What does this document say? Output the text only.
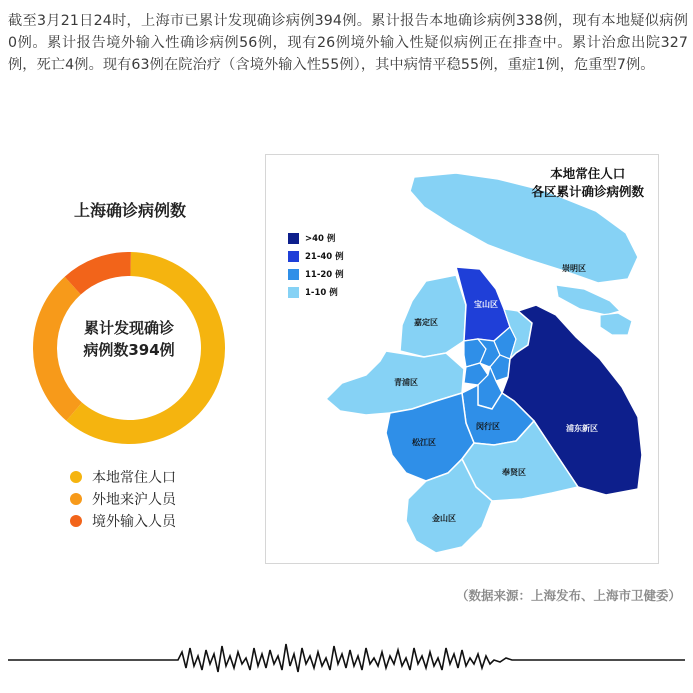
截至3月21日24时，上海市已累计发现确诊病例394例。累计报告本地确诊病例338例，现有本地疑似病例0例。累计报告境外输入性确诊病例56例，现有26例境外输入性疑似病例正在排查中。累计治愈出院327例，死亡4例。现有63例在院治疗（含境外输入性55例），其中病情平稳55例，重症1例，危重型7例。

上海确诊病例数
累计发现确诊
病例数394例
本地常住人口
外地来沪人员
境外输入人员
崇明区
宝山区
嘉定区
青浦区
松江区
闵行区	浦东新区
奉贤区
金山区
本地常住人口
各区累计确诊病例数
>40 例
21-40 例
11-20 例
1-10 例
（数据来源：上海发布、上海市卫健委）
